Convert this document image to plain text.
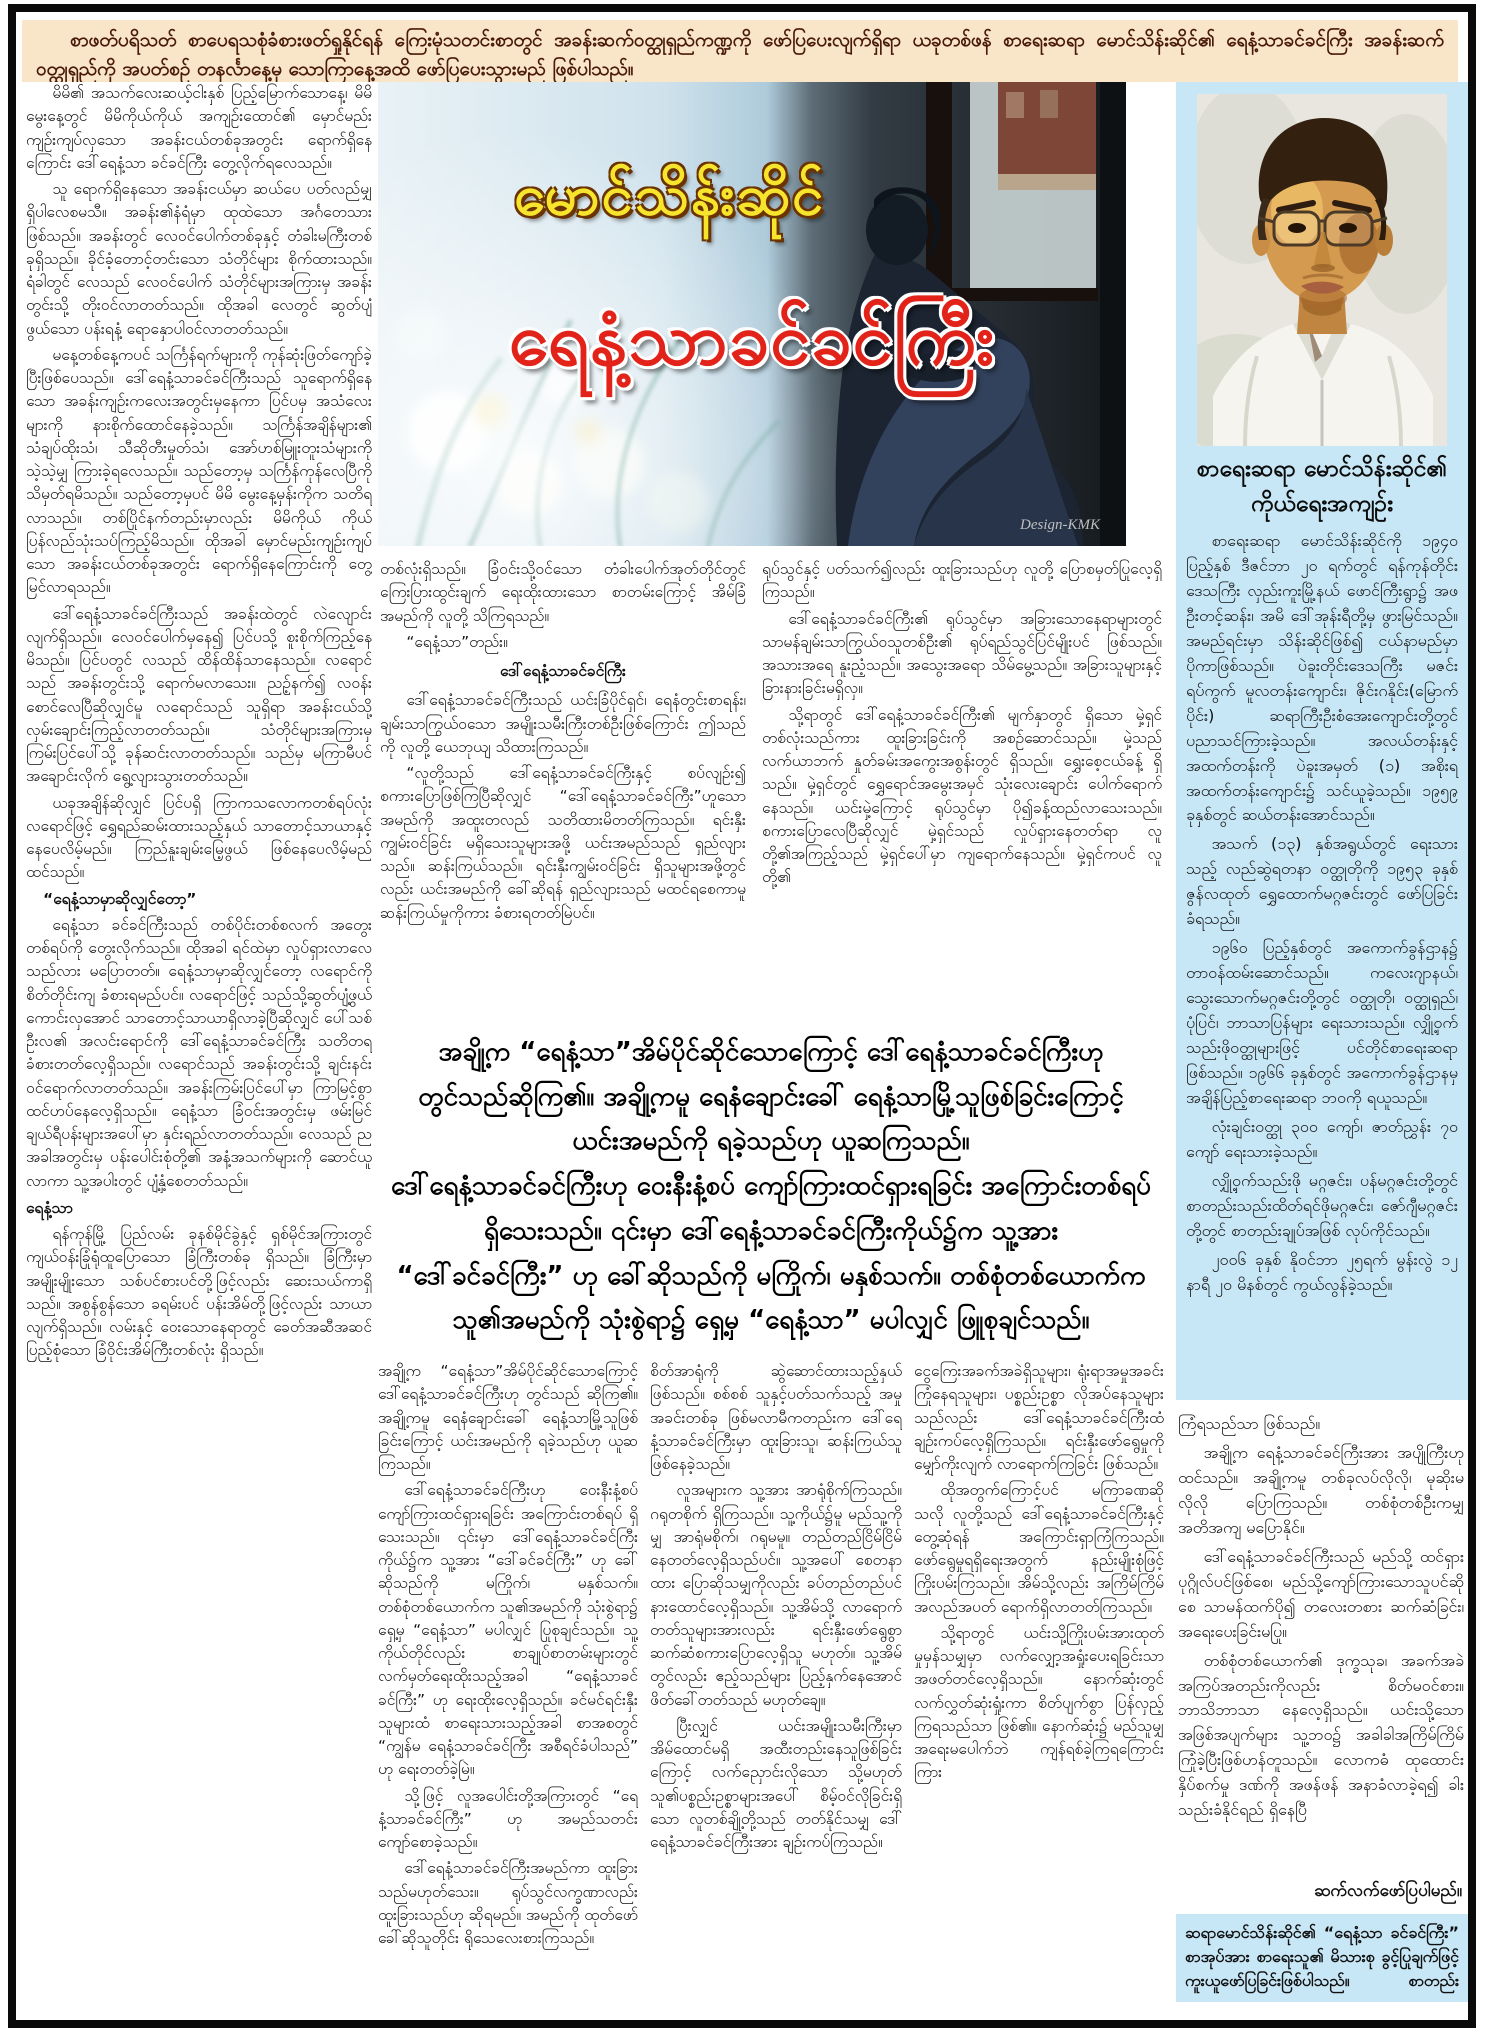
စာဖတ်ပရိသတ် စာပေရသစုံခံစားဖတ်ရှုနိုင်ရန် ကြေးမုံသတင်းစာတွင် အခန်းဆက်ဝတ္ထုရှည်ကဏ္ဍကို ဖော်ပြပေးလျက်ရှိရာ ယခုတစ်ဖန် စာရေးဆရာ မောင်သိန်းဆိုင်၏ ရေနံ့သာခင်ခင်ကြီး အခန်းဆက် ဝတ္ထုရှည်ကို အပတ်စဉ် တနင်္လာနေ့မှ သောကြာနေ့အထိ ဖော်ပြပေးသွားမည် ဖြစ်ပါသည်။

မိမိ၏ အသက်လေးဆယ့်ငါးနှစ် ပြည့်မြောက်သောနေ့၊ မိမိမွေးနေ့တွင် မိမိကိုယ်ကိုယ် အကျဉ်းထောင်၏ မှောင်မည်းကျဉ်းကျပ်လှသော အခန်းငယ်တစ်ခုအတွင်း ရောက်ရှိနေကြောင်း ဒေါ်ရေနံ့သာ ခင်ခင်ကြီး တွေ့လိုက်ရလေသည်။

သူ ရောက်ရှိနေသော အခန်းငယ်မှာ ဆယ်ပေ ပတ်လည်မျှ ရှိပါလေစမသီ။ အခန်း၏နံရံမှာ ထုထဲသော အင်္ဂတေသား ဖြစ်သည်။ အခန်းတွင် လေဝင်ပေါက်တစ်ခုနှင့် တံခါးမကြီးတစ်ခုရှိသည်။ ခိုင်ခံ့တောင့်တင်းသော သံတိုင်များ စိုက်ထားသည်။ ရံခါတွင် လေသည် လေဝင်ပေါက် သံတိုင်များအကြားမှ အခန်းတွင်းသို့ တိုးဝင်လာတတ်သည်။ ထိုအခါ လေတွင် ဆွတ်ပျံ့ဖွယ်သော ပန်းရနံ့ ရောနှောပါဝင်လာတတ်သည်။

မနေ့တစ်နေ့ကပင် သင်္ကြန်ရက်များကို ကုန်ဆုံးဖြတ်ကျော်ခဲ့ပြီးဖြစ်ပေသည်။ ဒေါ်ရေနံ့သာခင်ခင်ကြီးသည် သူရောက်ရှိနေသော အခန်းကျဉ်းကလေးအတွင်းမှနေကာ ပြင်ပမှ အသံလေးများကို နားစိုက်ထောင်နေခဲ့သည်။ သင်္ကြန်အချိန်များ၏ သံချပ်ထိုးသံ၊ သီဆိုတီးမှုတ်သံ၊ အော်ဟစ်မြူးတူးသံများကို သဲ့သဲ့မျှ ကြားခဲ့ရလေသည်။ သည်တော့မှ သင်္ကြန်ကုန်လေပြီကို သိမှတ်ရမိသည်။ သည်တော့မှပင် မိမိ မွေးနေ့မှန်းကိုက သတိရလာသည်။ တစ်ပြိုင်နက်တည်းမှာလည်း မိမိကိုယ် ကိုယ်ပြန်လည်သုံးသပ်ကြည့်မိသည်။ ထိုအခါ မှောင်မည်းကျဉ်းကျပ်သော အခန်းငယ်တစ်ခုအတွင်း ရောက်ရှိနေကြောင်းကို တွေ့မြင်လာရသည်။

ဒေါ်ရေနံ့သာခင်ခင်ကြီးသည် အခန်းထဲတွင် လဲလျောင်းလျက်ရှိသည်။ လေဝင်ပေါက်မှနေ၍ ပြင်ပသို့ စူးစိုက်ကြည့်နေမိသည်။ ပြင်ပတွင် လသည် ထိန်ထိန်သာနေသည်။ လရောင်သည် အခန်းတွင်းသို့ ရောက်မလာသေး။ ညဉ့်နက်၍ လဝန်းစောင်လေပြီဆိုလျှင်မူ လရောင်သည် သူရှိရာ အခန်းငယ်သို့ လှမ်းချောင်းကြည့်လာတတ်သည်။ သံတိုင်များအကြားမှ ကြမ်းပြင်ပေါ်သို့ ခုန်ဆင်းလာတတ်သည်။ သည်မှ မကြာမီပင် အချောင်းလိုက် ရွေ့လျားသွားတတ်သည်။

ယခုအချိန်ဆိုလျှင် ပြင်ပရှိ ကြာကသလောကတစ်ရပ်လုံး လရောင်ဖြင့် ရွှေရည်ဆမ်းထားသည့်နှယ် သာတောင့်သာယာနှင့် နေပေလိမ့်မည်။ ကြည်နူးချမ်းမြေ့ဖွယ် ဖြစ်နေပေလိမ့်မည် ထင်သည်။

“ရေနံ့သာမှာဆိုလျှင်တော့”

ရေနံ့သာ ခင်ခင်ကြီးသည် တစ်ပိုင်းတစ်စလက် အတွေးတစ်ရပ်ကို တွေးလိုက်သည်။ ထိုအခါ ရင်ထဲမှာ လှုပ်ရှားလာလေသည်လား မပြောတတ်။ ရေနံ့သာမှာဆိုလျှင်တော့ လရောင်ကို စိတ်တိုင်းကျ ခံစားရမည်ပင်။ လရောင်ဖြင့် သည်သို့ဆွတ်ပျံ့ဖွယ်ကောင်းလှအောင် သာတောင့်သာယာရှိလာခဲ့ပြီဆိုလျှင် ပေါ်သစ်ဦးလ၏ အလင်းရောင်ကို ဒေါ်ရေနံ့သာခင်ခင်ကြီး သတိတရ ခံစားတတ်လေ့ရှိသည်။ လရောင်သည် အခန်းတွင်းသို့ ချင်းနင်းဝင်ရောက်လာတတ်သည်။ အခန်းကြမ်းပြင်ပေါ်မှာ ကြာမြင့်စွာ ထင်ဟပ်နေလေ့ရှိသည်။ ရေနံ့သာ ခြံဝင်းအတွင်းမှ ဖမ်းမြင်ချယ်ရီပန်းများအပေါ်မှာ နှင်းရည်လာတတ်သည်။ လေသည် ညအခါအတွင်းမှ ပန်းပေါင်းစုံတို့၏ အနံ့အသက်များကို ဆောင်ယူလာကာ သူ့အပါးတွင် ပျံ့နှံ့စေတတ်သည်။

ရေနံ့သာ

ရန်ကုန်မြို့ ပြည်လမ်း ခုနစ်မိုင်ခွဲနှင့် ရှစ်မိုင်အကြားတွင် ကျယ်ဝန်းခြုံရုံထူပြောသော ခြံကြီးတစ်ခု ရှိသည်။ ခြံကြီးမှာ အမျိုးမျိုးသော သစ်ပင်စားပင်တို့ဖြင့်လည်း ဆေးသယ်ကာရှိသည်။ အစွန်စွန်သော ခရမ်းပင် ပန်းအိမ်တို့ဖြင့်လည်း သာယာလျက်ရှိသည်။ လမ်းနှင့် ဝေးသောနေရာတွင် ခေတ်အဆီအဆင် ပြည့်စုံသော ခြံဝိုင်းအိမ်ကြီးတစ်လုံး ရှိသည်။

မောင်သိန်းဆိုင်
ရေနံ့သာခင်ခင်ကြီး
Design-KMK

တစ်လုံးရှိသည်။ ခြံဝင်းသို့ဝင်သော တံခါးပေါက်အုတ်တိုင်တွင် ကြေးပြားထွင်းချက် ရေးထိုးထားသော စာတမ်းကြောင့် အိမ်ခြံအမည်ကို လူတို့ သိကြရသည်။

“ရေနံ့သာ”တည်း။

ဒေါ်ရေနံ့သာခင်ခင်ကြီး

ဒေါ်ရေနံ့သာခင်ခင်ကြီးသည် ယင်းခြံပိုင်ရှင်၊ ရေနံတွင်းစာရန်း၊ ချမ်းသာကြွယ်ဝသော အမျိုးသမီးကြီးတစ်ဦးဖြစ်ကြောင်း ဤသည်ကို လူတို့ ယေဘုယျ သိထားကြသည်။

“လူတို့သည် ဒေါ်ရေနံ့သာခင်ခင်ကြီးနှင့် စပ်လျဉ်း၍ စကားပြောဖြစ်ကြပြီဆိုလျှင် “ဒေါ်ရေနံ့သာခင်ခင်ကြီး”ဟူသောအမည်ကို အထူးတလည် သတိထားမိတတ်ကြသည်။ ရင်းနှီးကျွမ်းဝင်ခြင်း မရှိသေးသူများအဖို့ ယင်းအမည်သည် ရှည်လျားသည်။ ဆန်းကြယ်သည်။ ရင်းနှီးကျွမ်းဝင်ခြင်း ရှိသူများအဖို့တွင်လည်း ယင်းအမည်ကို ခေါ်ဆိုရန် ရှည်လျားသည် မထင်ရစေကာမူ ဆန်းကြယ်မှုကိုကား ခံစားရတတ်မြဲပင်။

ရုပ်သွင်နှင့် ပတ်သက်၍လည်း ထူးခြားသည်ဟု လူတို့ ပြောစမှတ်ပြုလေ့ရှိကြသည်။

ဒေါ်ရေနံ့သာခင်ခင်ကြီး၏ ရုပ်သွင်မှာ အခြားသောနေရာများတွင် သာမန်ချမ်းသာကြွယ်ဝသူတစ်ဦး၏ ရုပ်ရည်သွင်ပြင်မျိုးပင် ဖြစ်သည်။ အသားအရေ နူးညံ့သည်။ အသွေးအရော သိမ်မွေ့သည်။ အခြားသူများနှင့် ခြားနားခြင်းမရှိလှ။

သို့ရာတွင် ဒေါ်ရေနံ့သာခင်ခင်ကြီး၏ မျက်နှာတွင် ရှိသော မှဲ့ရှင်တစ်လုံးသည်ကား ထူးခြားခြင်းကို အစဉ်ဆောင်သည်။ မှဲ့သည် လက်ယာဘက် နှုတ်ခမ်းအကွေးအစွန်းတွင် ရှိသည်။ ရွှေးစေ့ငယ်ခန့် ရှိသည်။ မှဲ့ရှင်တွင် ရွှေရောင်အမွေးအမှင် သုံးလေးချောင်း ပေါက်ရောက်နေသည်။ ယင်းမှဲ့ကြောင့် ရုပ်သွင်မှာ ပို၍ခန့်ထည်လာသေးသည်။ စကားပြောလေပြီဆိုလျှင် မှဲ့ရှင်သည် လှုပ်ရှားနေတတ်ရာ လူတို့၏အကြည့်သည် မှဲ့ရှင်ပေါ်မှာ ကျရောက်နေသည်။ မှဲ့ရှင်ကပင် လူတို့၏

အချို့က “ရေနံ့သာ”အိမ်ပိုင်ဆိုင်သောကြောင့် ဒေါ်ရေနံ့သာခင်ခင်ကြီးဟု
တွင်သည်ဆိုကြ၏။ အချို့ကမူ ရေနံချောင်းခေါ် ရေနံ့သာမြို့သူဖြစ်ခြင်းကြောင့်
ယင်းအမည်ကို ရခဲ့သည်ဟု ယူဆကြသည်။
ဒေါ်ရေနံ့သာခင်ခင်ကြီးဟု ဝေးနီးနံ့စပ် ကျော်ကြားထင်ရှားရခြင်း အကြောင်းတစ်ရပ်
ရှိသေးသည်။ ၎င်းမှာ ဒေါ်ရေနံ့သာခင်ခင်ကြီးကိုယ်၌က သူ့အား
“ဒေါ်ခင်ခင်ကြီး” ဟု ခေါ်ဆိုသည်ကို မကြိုက်၊ မနှစ်သက်။ တစ်စုံတစ်ယောက်က
သူ၏အမည်ကို သုံးစွဲရာ၌ ရှေ့မှ “ရေနံ့သာ” မပါလျှင် ဖြူစုချင်သည်။

အချို့က “ရေနံ့သာ”အိမ်ပိုင်ဆိုင်သောကြောင့် ဒေါ်ရေနံ့သာခင်ခင်ကြီးဟု တွင်သည် ဆိုကြ၏။ အချို့ကမူ ရေနံချောင်းခေါ် ရေနံ့သာမြို့သူဖြစ်ခြင်းကြောင့် ယင်းအမည်ကို ရခဲ့သည်ဟု ယူဆကြသည်။

ဒေါ်ရေနံ့သာခင်ခင်ကြီးဟု ဝေးနီးနံ့စပ် ကျော်ကြားထင်ရှားရခြင်း အကြောင်းတစ်ရပ် ရှိသေးသည်။ ၎င်းမှာ ဒေါ်ရေနံ့သာခင်ခင်ကြီးကိုယ်၌က သူ့အား “ဒေါ်ခင်ခင်ကြီး” ဟု ခေါ်ဆိုသည်ကို မကြိုက်၊ မနှစ်သက်။ တစ်စုံတစ်ယောက်က သူ၏အမည်ကို သုံးစွဲရာ၌ ရှေ့မှ “ရေနံ့သာ” မပါလျှင် ပြုစုချင်သည်။ သူ့ကိုယ်တိုင်လည်း စာချုပ်စာတမ်းများတွင် လက်မှတ်ရေးထိုးသည့်အခါ “ရေနံ့သာခင်ခင်ကြီး” ဟု ရေးထိုးလေ့ရှိသည်။ ခင်မင်ရင်းနှီးသူများထံ စာရေးသားသည့်အခါ စာအစတွင် “ကျွန်မ ရေနံ့သာခင်ခင်ကြီး အစီရင်ခံပါသည်” ဟု ရေးတတ်ခဲ့မြဲ။

သို့ဖြင့် လူအပေါင်းတို့အကြားတွင် “ရေနံ့သာခင်ခင်ကြီး” ဟု အမည်သတင်း ကျော်စောခဲ့သည်။

ဒေါ်ရေနံ့သာခင်ခင်ကြီးအမည်ကာ ထူးခြားသည်မဟုတ်သေး။ ရုပ်သွင်လက္ခဏာလည်း ထူးခြားသည်ဟု ဆိုရမည်။ အမည်ကို ထုတ်ဖော်ခေါ်ဆိုသူတိုင်း ရိုသေလေးစားကြသည်။

စိတ်အာရုံကို ဆွဲဆောင်ထားသည့်နှယ် ဖြစ်သည်။ စစ်စစ် သူနှင့်ပတ်သက်သည့် အမှုအခင်းတစ်ခု ဖြစ်မလာမီကတည်းက ဒေါ်ရေနံ့သာခင်ခင်ကြီးမှာ ထူးခြားသူ၊ ဆန်းကြယ်သူ ဖြစ်နေခဲ့သည်။

လူအများက သူ့အား အာရုံစိုက်ကြသည်။ ဂရုတစိုက် ရှိကြသည်။ သူ့ကိုယ်၌မူ မည်သူ့ကိုမျှ အာရုံမစိုက်၊ ဂရုမမူ။ တည်တည်ငြိမ်ငြိမ် နေတတ်လေ့ရှိသည်ပင်။ သူ့အပေါ် စေတနာထား ပြောဆိုသမျှကိုလည်း ခပ်တည်တည်ပင် နားထောင်လေ့ရှိသည်။ သူ့အိမ်သို့ လာရောက်တတ်သူများအားလည်း ရင်းနှီးဖော်ရွေစွာ ဆက်ဆံစကားပြောလေ့ရှိသူ မဟုတ်။ သူ့အိမ်တွင်လည်း ဧည့်သည်များ ပြည့်နှက်နေအောင် ဖိတ်ခေါ်တတ်သည် မဟုတ်ချေ။

ပြီးလျှင် ယင်းအမျိုးသမီးကြီးမှာ အိမ်ထောင်မရှိ အထီးတည်းနေသူဖြစ်ခြင်းကြောင့် လက်ညှောင်းလိုသော သို့မဟုတ် သူ၏ပစ္စည်းဥစ္စာများအပေါ် စိမ့်ဝင်လိုခြင်းရှိသော လူတစ်ချို့တို့သည် တတ်နိုင်သမျှ ဒေါ်ရေနံ့သာခင်ခင်ကြီးအား ချဉ်းကပ်ကြသည်။

ငွေကြေးအခက်အခဲရှိသူများ၊ ရုံးရာအမှုအခင်း ကြုံနေရသူများ၊ ပစ္စည်းဥစ္စာ လိုအပ်နေသူများသည်လည်း ဒေါ်ရေနံ့သာခင်ခင်ကြီးထံ ချဉ်းကပ်လေ့ရှိကြသည်။ ရင်းနှီးဖော်ရွေမှုကို မျှော်ကိုးလျက် လာရောက်ကြခြင်း ဖြစ်သည်။

ထိုအတွက်ကြောင့်ပင် မကြာခဏဆိုသလို လူတို့သည် ဒေါ်ရေနံ့သာခင်ခင်ကြီးနှင့် တွေ့ဆုံရန် အကြောင်းရှာကြံကြသည်။ ဖော်ရွေမှုရရှိရေးအတွက် နည်းမျိုးစုံဖြင့် ကြိုးပမ်းကြသည်။ အိမ်သို့လည်း အကြိမ်ကြိမ် အလည်အပတ် ရောက်ရှိလာတတ်ကြသည်။

သို့ရာတွင် ယင်းသို့ကြိုးပမ်းအားထုတ်မှုမှန်သမျှမှာ လက်လျှော့အရှုံးပေးရခြင်းသာ အဖတ်တင်လေ့ရှိသည်။ နောက်ဆုံးတွင် လက်လွှတ်ဆုံးရှုံးကာ စိတ်ပျက်စွာ ပြန်လှည့်ကြရသည်သာ ဖြစ်၏။ နောက်ဆုံး၌ မည်သူမျှ အရေးမပေါက်ဘဲ ကျန်ရစ်ခဲ့ကြရကြောင်း ကြား

စာရေးဆရာ မောင်သိန်းဆိုင်၏
ကိုယ်ရေးအကျဉ်း

စာရေးဆရာ မောင်သိန်းဆိုင်ကို ၁၉၄၀ ပြည့်နှစ် ဒီဇင်ဘာ ၂၀ ရက်တွင် ရန်ကုန်တိုင်းဒေသကြီး လှည်းကူးမြို့နယ် ဖောင်ကြီးရွာ၌ အဖ ဦးတင့်ဆန်း၊ အမိ ဒေါ်အုန်းရီတို့မှ ဖွားမြင်သည်။ အမည်ရင်းမှာ သိန်းဆိုင်ဖြစ်၍ ငယ်နာမည်မှာ ပိုကာဖြစ်သည်။ ပဲခူးတိုင်းဒေသကြီး မဇင်းရပ်ကွက် မူလတန်းကျောင်း၊ ဇိုင်းဂနိုင်း(မြောက်ပိုင်း) ဆရာကြီးဦးစံအေးကျောင်းတို့တွင် ပညာသင်ကြားခဲ့သည်။ အလယ်တန်းနှင့် အထက်တန်းကို ပဲခူးအမှတ် (၁) အစိုးရ အထက်တန်းကျောင်း၌ သင်ယူခဲ့သည်။ ၁၉၅၉ ခုနှစ်တွင် ဆယ်တန်းအောင်သည်။

အသက် (၁၃) နှစ်အရွယ်တွင် ရေးသားသည့် လည်ဆွဲရတနာ ဝတ္ထုတိုကို ၁၉၅၃ ခုနှစ် ဇွန်လထုတ် ရွှေထောက်မဂ္ဂဇင်းတွင် ဖော်ပြခြင်းခံရသည်။

၁၉၆၀ ပြည့်နှစ်တွင် အကောက်ခွန်ဌာန၌ တာဝန်ထမ်းဆောင်သည်။ ကလေးဂျာနယ်၊ သွေးသောက်မဂ္ဂဇင်းတို့တွင် ဝတ္ထုတို၊ ဝတ္ထုရှည်၊ ပုံပြင်၊ ဘာသာပြန်များ ရေးသားသည်။ လျှို့ဝှက်သည်းဖိုဝတ္ထုများဖြင့် ပင်တိုင်စာရေးဆရာ ဖြစ်သည်။ ၁၉၆၆ ခုနှစ်တွင် အကောက်ခွန်ဌာနမှ အချိန်ပြည့်စာရေးဆရာ ဘဝကို ရယူသည်။

လုံးချင်းဝတ္ထု ၃၀၀ ကျော်၊ ဇာတ်ညွှန်း ၇၀ ကျော် ရေးသားခဲ့သည်။

လျှို့ဝှက်သည်းဖို မဂ္ဂဇင်း၊ ပန်မဂ္ဂဇင်းတို့တွင် စာတည်းသည်းထိတ်ရင်ဖိုမဂ္ဂဇင်း၊ ဇော်ဂျီမဂ္ဂဇင်းတို့တွင် စာတည်းချုပ်အဖြစ် လုပ်ကိုင်သည်။

၂၀၀၆ ခုနှစ် နိုဝင်ဘာ ၂၅ရက် မွန်းလွဲ ၁၂ နာရီ ၂၀ မိနစ်တွင် ကွယ်လွန်ခဲ့သည်။

ကြံရသည်သာ ဖြစ်သည်။

အချို့က ရေနံ့သာခင်ခင်ကြီးအား အပျိုကြီးဟု ထင်သည်။ အချို့ကမူ တစ်ခုလပ်လိုလို၊ မုဆိုးမလိုလို ပြောကြသည်။ တစ်စုံတစ်ဦးကမျှ အတိအကျ မပြောနိုင်။

ဒေါ်ရေနံ့သာခင်ခင်ကြီးသည် မည်သို့ ထင်ရှားပုဂ္ဂိုလ်ပင်ဖြစ်စေ၊ မည်သို့ကျော်ကြားသောသူပင်ဆိုစေ သာမန်ထက်ပို၍ တလေးတစား ဆက်ဆံခြင်း၊ အရေးပေးခြင်းမပြု။

တစ်စုံတစ်ယောက်၏ ဒုက္ခသုခ၊ အခက်အခဲ အကြပ်အတည်းကိုလည်း စိတ်မဝင်စား။ ဘာသိဘာသာ နေလေ့ရှိသည်။ ယင်းသို့သောအဖြစ်အပျက်များ သူ့ဘဝ၌ အခါခါအကြိမ်ကြိမ် ကြုံခဲ့ပြီးဖြစ်ဟန်တူသည်။ လောကဓံ ထုထောင်းနှိပ်စက်မှု ဒဏ်ကို အဖန်ဖန် အနာခံလာခဲ့ရ၍ ခါးသည်းခံနိုင်ရည် ရှိနေပြီ

ဆက်လက်ဖော်ပြပါမည်။
ဆရာမောင်သိန်းဆိုင်၏ “ရေနံ့သာ ခင်ခင်ကြီး” စာအုပ်အား စာရေးသူ၏ မိသားစု ခွင့်ပြုချက်ဖြင့် ကူးယူဖော်ပြခြင်းဖြစ်ပါသည်။	စာတည်း
